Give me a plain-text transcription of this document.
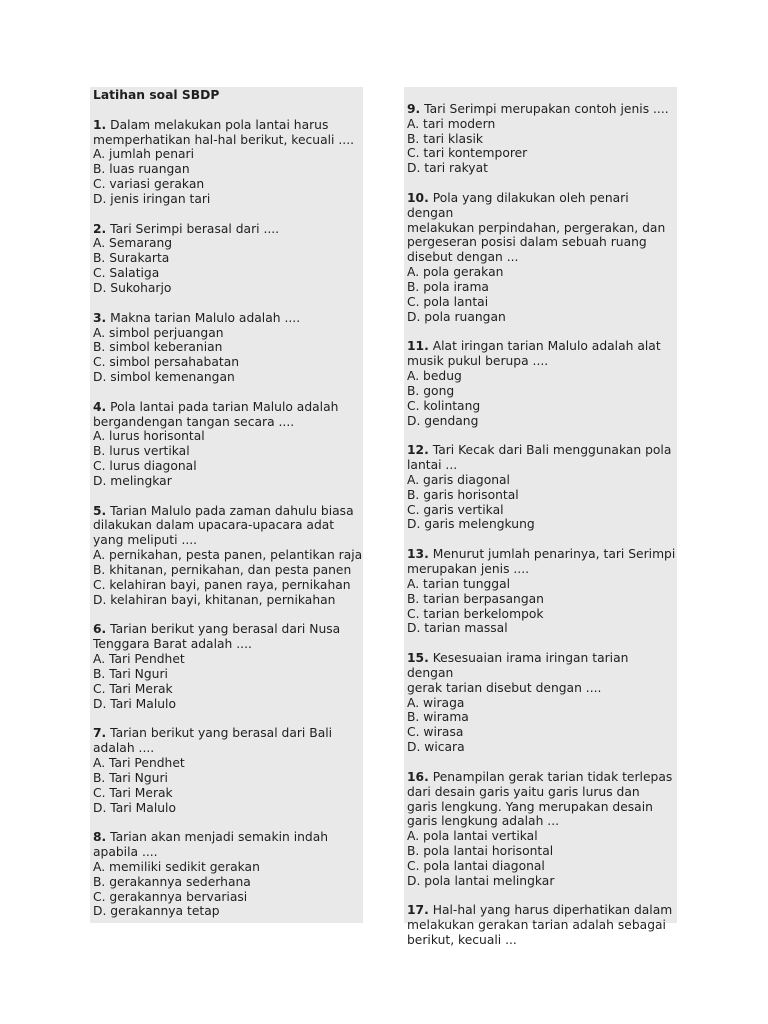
Latihan soal SBDP
1. Dalam melakukan pola lantai harus
memperhatikan hal-hal berikut, kecuali ....
A. jumlah penari
B. luas ruangan
C. variasi gerakan
D. jenis iringan tari
2. Tari Serimpi berasal dari ....
A. Semarang
B. Surakarta
C. Salatiga
D. Sukoharjo
3. Makna tarian Malulo adalah ....
A. simbol perjuangan
B. simbol keberanian
C. simbol persahabatan
D. simbol kemenangan
4. Pola lantai pada tarian Malulo adalah
bergandengan tangan secara ....
A. lurus horisontal
B. lurus vertikal
C. lurus diagonal
D. melingkar
5. Tarian Malulo pada zaman dahulu biasa
dilakukan dalam upacara-upacara adat
yang meliputi ....
A. pernikahan, pesta panen, pelantikan raja
B. khitanan, pernikahan, dan pesta panen
C. kelahiran bayi, panen raya, pernikahan
D. kelahiran bayi, khitanan, pernikahan
6. Tarian berikut yang berasal dari Nusa
Tenggara Barat adalah ....
A. Tari Pendhet
B. Tari Nguri
C. Tari Merak
D. Tari Malulo
7. Tarian berikut yang berasal dari Bali
adalah ....
A. Tari Pendhet
B. Tari Nguri
C. Tari Merak
D. Tari Malulo
8. Tarian akan menjadi semakin indah
apabila ....
A. memiliki sedikit gerakan
B. gerakannya sederhana
C. gerakannya bervariasi
D. gerakannya tetap
9. Tari Serimpi merupakan contoh jenis ....
A. tari modern
B. tari klasik
C. tari kontemporer
D. tari rakyat
10. Pola yang dilakukan oleh penari dengan
melakukan perpindahan, pergerakan, dan
pergeseran posisi dalam sebuah ruang
disebut dengan ...
A. pola gerakan
B. pola irama
C. pola lantai
D. pola ruangan
11. Alat iringan tarian Malulo adalah alat
musik pukul berupa ....
A. bedug
B. gong
C. kolintang
D. gendang
12. Tari Kecak dari Bali menggunakan pola
lantai ...
A. garis diagonal
B. garis horisontal
C. garis vertikal
D. garis melengkung
13. Menurut jumlah penarinya, tari Serimpi
merupakan jenis ....
A. tarian tunggal
B. tarian berpasangan
C. tarian berkelompok
D. tarian massal
15. Kesesuaian irama iringan tarian dengan
gerak tarian disebut dengan ....
A. wiraga
B. wirama
C. wirasa
D. wicara
16. Penampilan gerak tarian tidak terlepas
dari desain garis yaitu garis lurus dan
garis lengkung. Yang merupakan desain
garis lengkung adalah ...
A. pola lantai vertikal
B. pola lantai horisontal
C. pola lantai diagonal
D. pola lantai melingkar
17. Hal-hal yang harus diperhatikan dalam
melakukan gerakan tarian adalah sebagai
berikut, kecuali ...
